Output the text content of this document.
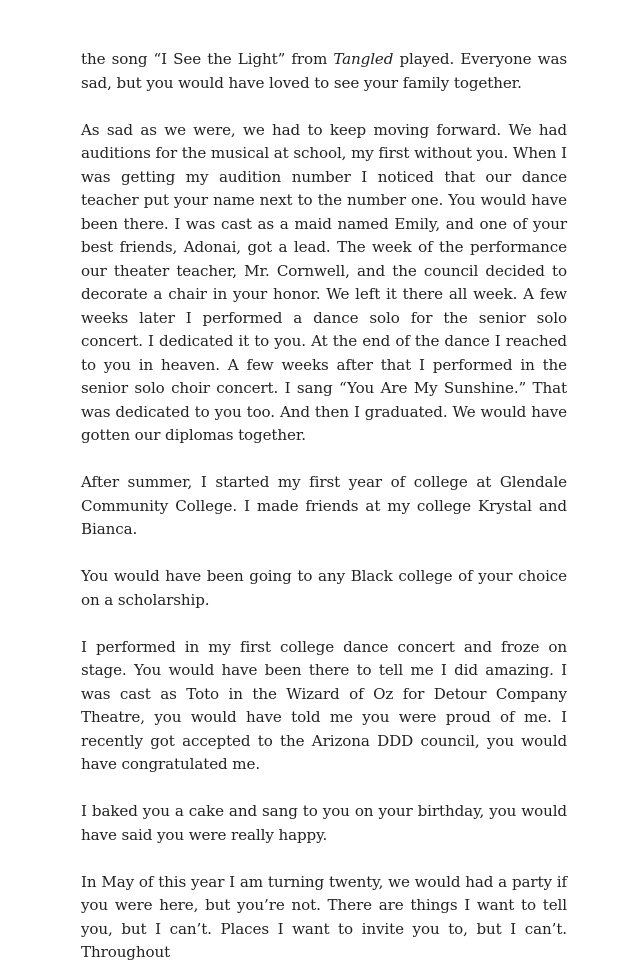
the song “I See the Light” from Tangled played. Everyone was sad, but you would have loved to see your family together.

As sad as we were, we had to keep moving forward. We had auditions for the musical at school, my first without you. When I was getting my audition number I noticed that our dance teacher put your name next to the number one. You would have been there. I was cast as a maid named Emily, and one of your best friends, Adonai, got a lead. The week of the performance our theater teacher, Mr. Cornwell, and the council decided to decorate a chair in your honor. We left it there all week. A few weeks later I performed a dance solo for the senior solo concert. I dedicated it to you. At the end of the dance I reached to you in heaven. A few weeks after that I performed in the senior solo choir concert. I sang “You Are My Sunshine.” That was dedicated to you too. And then I graduated. We would have gotten our diplomas together.

After summer, I started my first year of college at Glendale Community College. I made friends at my college Krystal and Bianca.

You would have been going to any Black college of your choice on a scholarship.

I performed in my first college dance concert and froze on stage. You would have been there to tell me I did amazing. I was cast as Toto in the Wizard of Oz for Detour Company Theatre, you would have told me you were proud of me. I recently got accepted to the Arizona DDD council, you would have congratulated me.

I baked you a cake and sang to you on your birthday, you would have said you were really happy.

In May of this year I am turning twenty, we would had a party if you were here, but you’re not. There are things I want to tell you, but I can’t. Places I want to invite you to, but I can’t. Throughout
